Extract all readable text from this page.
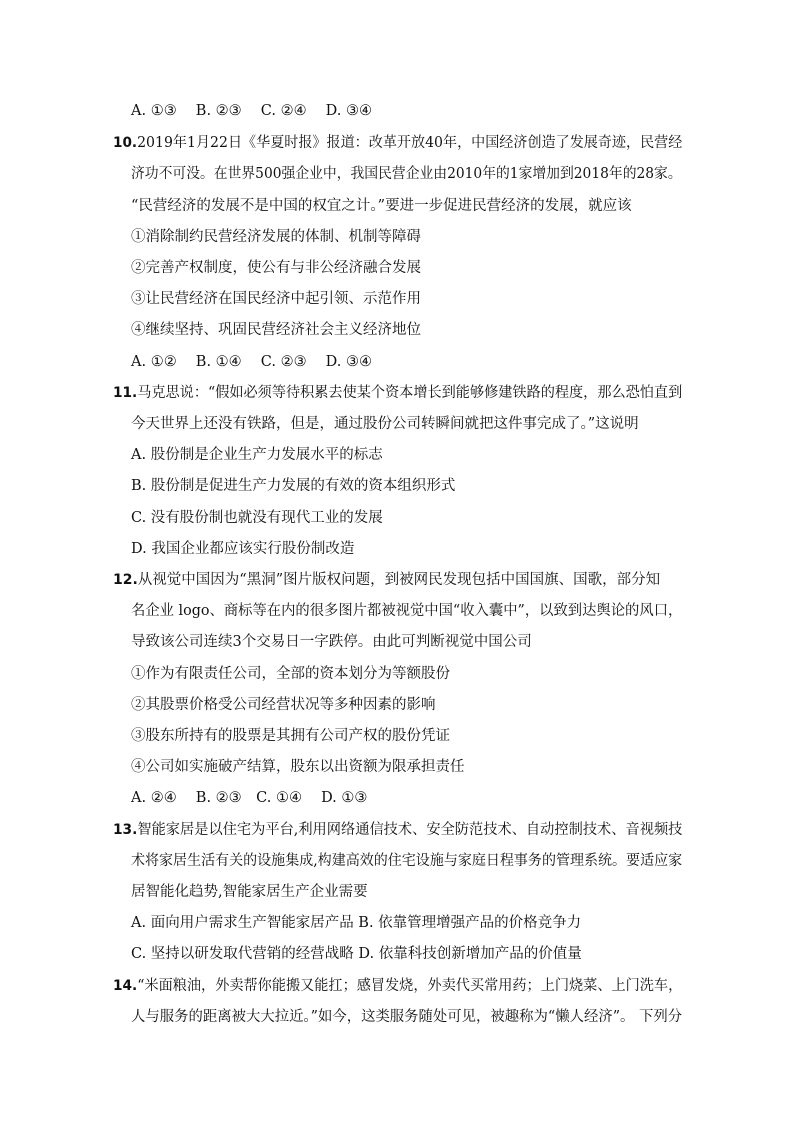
A. ①③　 B. ②③　 C. ②④　 D. ③④
10.2019年1月22日《华夏时报》报道：改革开放40年，中国经济创造了发展奇迹，民营经
济功不可没。在世界500强企业中，我国民营企业由2010年的1家增加到2018年的28家。
“民营经济的发展不是中国的权宜之计。”要进一步促进民营经济的发展，就应该
①消除制约民营经济发展的体制、机制等障碍
②完善产权制度，使公有与非公经济融合发展
③让民营经济在国民经济中起引领、示范作用
④继续坚持、巩固民营经济社会主义经济地位
A. ①②　 B. ①④　 C. ②③　 D. ③④
11.马克思说：“假如必须等待积累去使某个资本增长到能够修建铁路的程度，那么恐怕直到
今天世界上还没有铁路，但是，通过股份公司转瞬间就把这件事完成了。”这说明
A. 股份制是企业生产力发展水平的标志
B. 股份制是促进生产力发展的有效的资本组织形式
C. 没有股份制也就没有现代工业的发展
D. 我国企业都应该实行股份制改造
12.从视觉中国因为“黑洞”图片版权问题，到被网民发现包括中国国旗、国歌，部分知
名企业 logo、商标等在内的很多图片都被视觉中国“收入囊中”，以致到达舆论的风口，
导致该公司连续3个交易日一字跌停。由此可判断视觉中国公司
①作为有限责任公司，全部的资本划分为等额股份
②其股票价格受公司经营状况等多种因素的影响
③股东所持有的股票是其拥有公司产权的股份凭证
④公司如实施破产结算，股东以出资额为限承担责任
A. ②④　 B. ②③　C. ①④　 D. ①③
13.智能家居是以住宅为平台,利用网络通信技术、安全防范技术、自动控制技术、音视频技
术将家居生活有关的设施集成,构建高效的住宅设施与家庭日程事务的管理系统。要适应家
居智能化趋势,智能家居生产企业需要
A. 面向用户需求生产智能家居产品 B. 依靠管理增强产品的价格竞争力
C. 坚持以研发取代营销的经营战略 D. 依靠科技创新增加产品的价值量
14.“米面粮油，外卖帮你能搬又能扛；感冒发烧，外卖代买常用药；上门烧菜、上门洗车，
人与服务的距离被大大拉近。”如今，这类服务随处可见，被趣称为“懒人经济”。 下列分
